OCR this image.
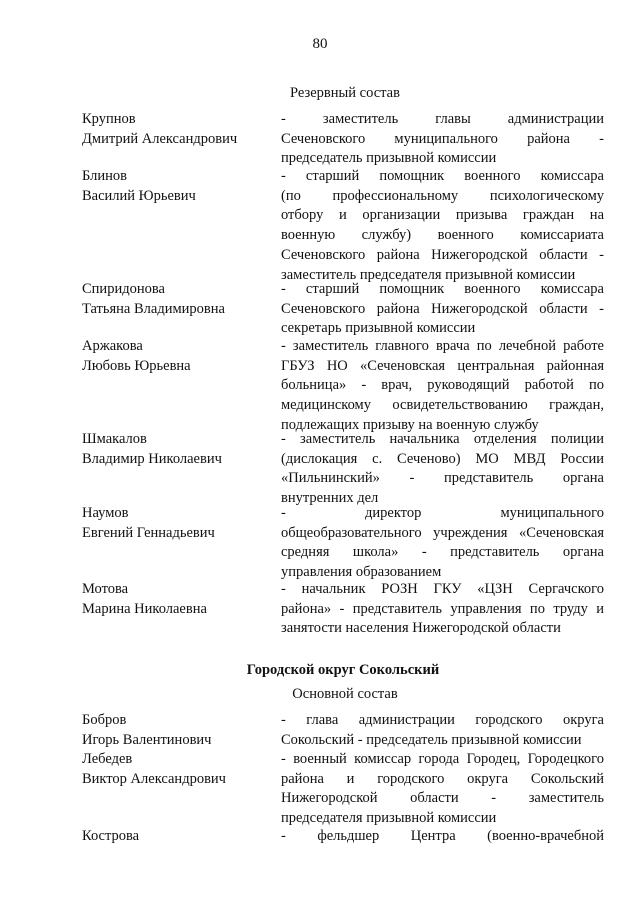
80
Резервный состав
Крупнов
Дмитрий Александрович
- заместитель главы администрации
Сеченовского муниципального района -
председатель призывной комиссии
Блинов
Василий Юрьевич
- старший помощник военного комиссара
(по профессиональному психологическому
отбору и организации призыва граждан на
военную службу) военного комиссариата
Сеченовского района Нижегородской области -
заместитель председателя призывной комиссии
Спиридонова
Татьяна Владимировна
- старший помощник военного комиссара
Сеченовского района Нижегородской области -
секретарь призывной комиссии
Аржакова
Любовь Юрьевна
- заместитель главного врача по лечебной работе
ГБУЗ НО «Сеченовская центральная районная
больница» - врач, руководящий работой по
медицинскому освидетельствованию граждан,
подлежащих призыву на военную службу
Шмакалов
Владимир Николаевич
- заместитель начальника отделения полиции
(дислокация с. Сеченово) МО МВД России
«Пильнинский» - представитель органа
внутренних дел
Наумов
Евгений Геннадьевич
- директор муниципального
общеобразовательного учреждения «Сеченовская
средняя школа» - представитель органа
управления образованием
Мотова
Марина Николаевна
- начальник РОЗН ГКУ «ЦЗН Сергачского
района» - представитель управления по труду и
занятости населения Нижегородской области
Городской округ Сокольский
Основной состав
Бобров
Игорь Валентинович
- глава администрации городского округа
Сокольский - председатель призывной комиссии
Лебедев
Виктор Александрович
- военный комиссар города Городец, Городецкого
района и городского округа Сокольский
Нижегородской области - заместитель
председателя призывной комиссии
Кострова	- фельдшер Центра (военно-врачебной
